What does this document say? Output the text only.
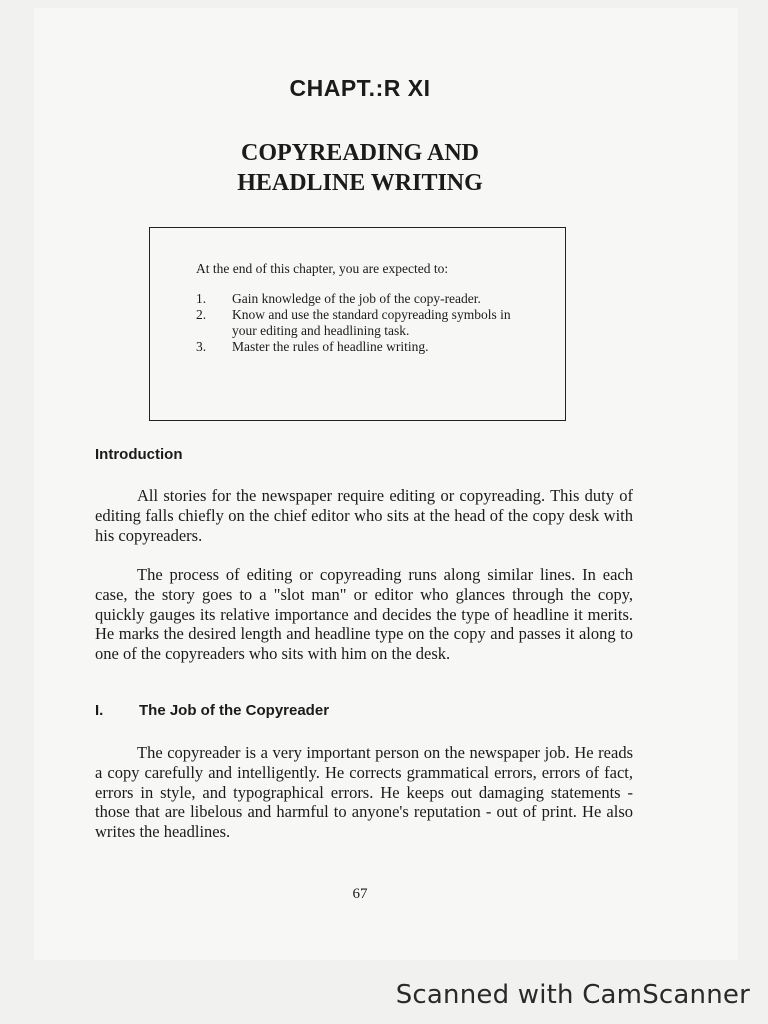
CHAPT.:R XI
COPYREADING AND
HEADLINE WRITING
At the end of this chapter, you are expected to:
1.	Gain knowledge of the job of the copy-reader.
2.	Know and use the standard copyreading symbols in your editing and headlining task.
3.	Master the rules of headline writing.
Introduction

All stories for the newspaper require editing or copyreading. This duty of editing falls chiefly on the chief editor who sits at the head of the copy desk with his copyreaders.

The process of editing or copyreading runs along similar lines. In each case, the story goes to a "slot man" or editor who glances through the copy, quickly gauges its relative importance and decides the type of headline it merits. He marks the desired length and headline type on the copy and passes it along to one of the copyreaders who sits with him on the desk.

I.	The Job of the Copyreader

The copyreader is a very important person on the newspaper job. He reads a copy carefully and intelligently. He corrects grammatical errors, errors of fact, errors in style, and typographical errors. He keeps out damaging statements - those that are libelous and harmful to anyone's reputation - out of print. He also writes the headlines.

67
Scanned with CamScanner
